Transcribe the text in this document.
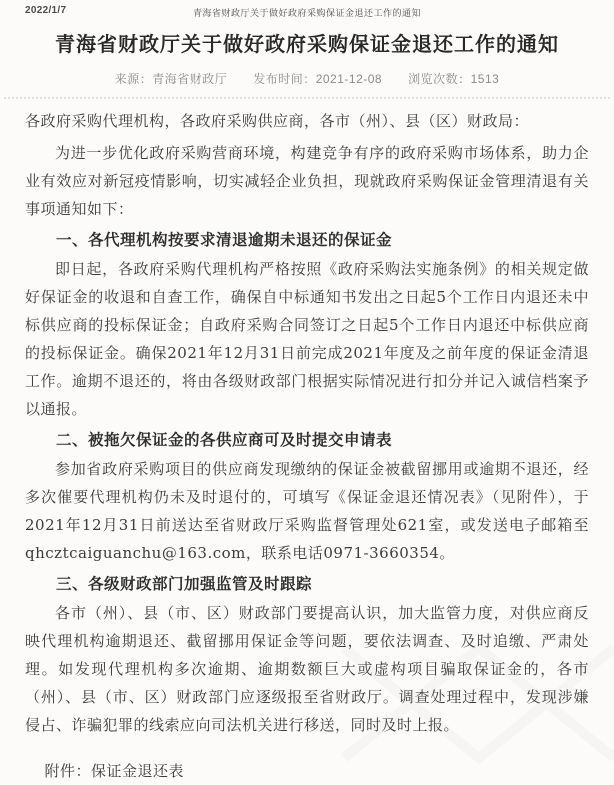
2022/1/7	青海省财政厅关于做好政府采购保证金退还工作的通知
青海省财政厅关于做好政府采购保证金退还工作的通知
来源：青海省财政厅 发布时间：2021-12-08 浏览次数：1513

各政府采购代理机构，各政府采购供应商，各市（州）、县（区）财政局：

为进一步优化政府采购营商环境，构建竞争有序的政府采购市场体系，助力企业有效应对新冠疫情影响，切实减轻企业负担，现就政府采购保证金管理清退有关事项通知如下：

一、各代理机构按要求清退逾期未退还的保证金

即日起，各政府采购代理机构严格按照《政府采购法实施条例》的相关规定做好保证金的收退和自查工作，确保自中标通知书发出之日起5个工作日内退还未中标供应商的投标保证金；自政府采购合同签订之日起5个工作日内退还中标供应商的投标保证金。确保2021年12月31日前完成2021年度及之前年度的保证金清退工作。逾期不退还的，将由各级财政部门根据实际情况进行扣分并记入诚信档案予以通报。

二、被拖欠保证金的各供应商可及时提交申请表

参加省政府采购项目的供应商发现缴纳的保证金被截留挪用或逾期不退还，经多次催要代理机构仍未及时退付的，可填写《保证金退还情况表》（见附件），于2021年12月31日前送达至省财政厅采购监督管理处621室，或发送电子邮箱至qhcztcaiguanchu@163.com，联系电话0971-3660354。

三、各级财政部门加强监管及时跟踪

各市（州）、县（市、区）财政部门要提高认识，加大监管力度，对供应商反映代理机构逾期退还、截留挪用保证金等问题，要依法调查、及时追缴、严肃处理。如发现代理机构多次逾期、逾期数额巨大或虚构项目骗取保证金的，各市（州）、县（市、区）财政部门应逐级报至省财政厅。调查处理过程中，发现涉嫌侵占、诈骗犯罪的线索应向司法机关进行移送，同时及时上报。

附件：保证金退还表
